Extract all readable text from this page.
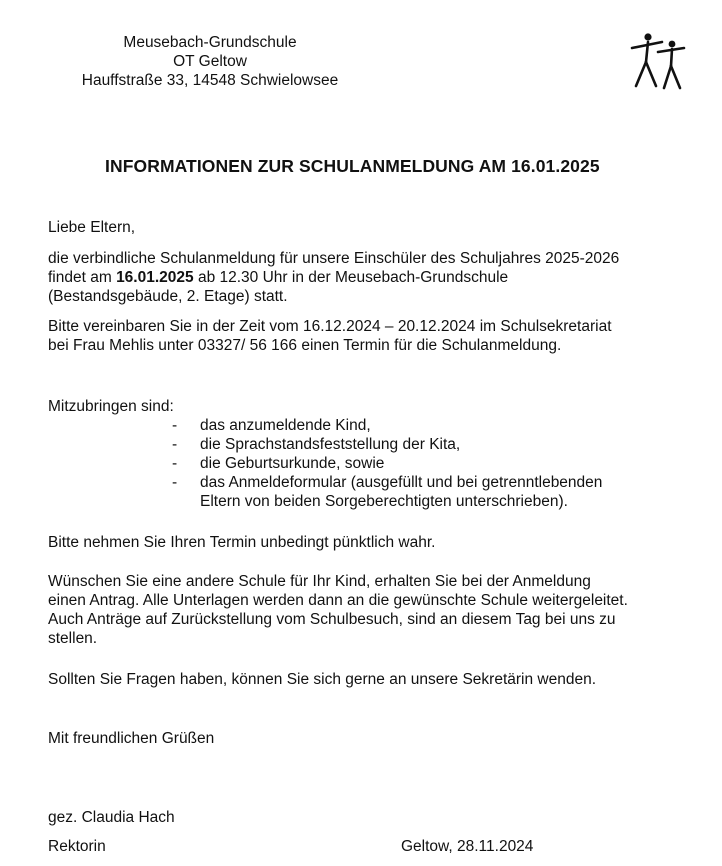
Meusebach-Grundschule
OT Geltow
Hauffstraße 33, 14548 Schwielowsee
INFORMATIONEN ZUR SCHULANMELDUNG AM 16.01.2025
Liebe Eltern,
die verbindliche Schulanmeldung für unsere Einschüler des Schuljahres 2025-2026
findet am 16.01.2025 ab 12.30 Uhr in der Meusebach-Grundschule
(Bestandsgebäude, 2. Etage) statt.
Bitte vereinbaren Sie in der Zeit vom 16.12.2024 – 20.12.2024 im Schulsekretariat
bei Frau Mehlis unter 03327/ 56 166 einen Termin für die Schulanmeldung.
Mitzubringen sind:
- das anzumeldende Kind,
- die Sprachstandsfeststellung der Kita,
- die Geburtsurkunde, sowie
- das Anmeldeformular (ausgefüllt und bei getrenntlebenden
Eltern von beiden Sorgeberechtigten unterschrieben).
Bitte nehmen Sie Ihren Termin unbedingt pünktlich wahr.
Wünschen Sie eine andere Schule für Ihr Kind, erhalten Sie bei der Anmeldung
einen Antrag. Alle Unterlagen werden dann an die gewünschte Schule weitergeleitet.
Auch Anträge auf Zurückstellung vom Schulbesuch, sind an diesem Tag bei uns zu
stellen.
Sollten Sie Fragen haben, können Sie sich gerne an unsere Sekretärin wenden.
Mit freundlichen Grüßen
gez. Claudia Hach
Rektorin	Geltow, 28.11.2024
